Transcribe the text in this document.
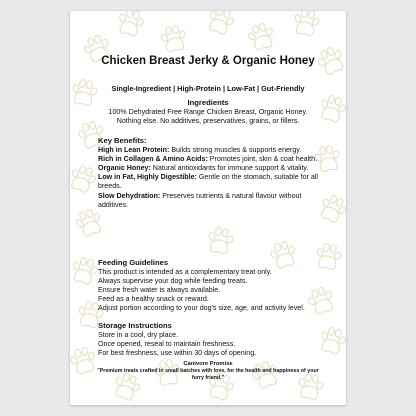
Chicken Breast Jerky & Organic Honey
Single-Ingredient | High-Protein | Low-Fat | Gut-Friendly
Ingredients
100% Dehydrated Free Range Chicken Breast, Organic Honey.
Nothing else. No additives, preservatives, grains, or fillers.
Key Benefits:
High in Lean Protein: Builds strong muscles & supports energy.
Rich in Collagen & Amino Acids: Promotes joint, skin & coat health.
Organic Honey: Natural antioxidants for immune support & vitality.
Low in Fat, Highly Digestible: Gentle on the stomach, suitable for all breeds.
Slow Dehydration: Preserves nutrients & natural flavour without additives.
Feeding Guidelines
This product is intended as a complementary treat only.
Always supervise your dog while feeding treats.
Ensure fresh water is always available.
Feed as a healthy snack or reward.
Adjust portion according to your dog's size, age, and activity level.
Storage Instructions
Store in a cool, dry place.
Once opened, reseal to maintain freshness.
For best freshness, use within 30 days of opening.
Canivore Promise
"Premium treats crafted in small batches with love, for the health and happiness of your furry friend."
